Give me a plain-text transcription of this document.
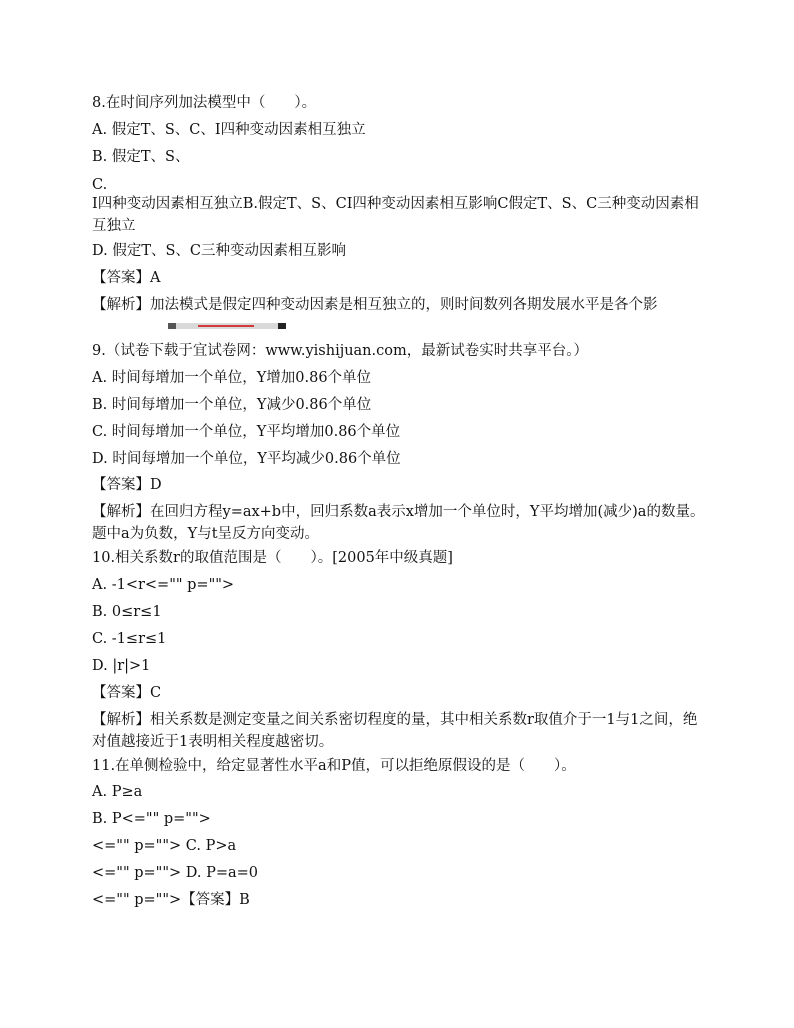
8.在时间序列加法模型中（　　）。
A. 假定T、S、C、I四种变动因素相互独立
B. 假定T、S、
C.
I四种变动因素相互独立B.假定T、S、CI四种变动因素相互影响C假定T、S、C三种变动因素相互独立
D. 假定T、S、C三种变动因素相互影响
【答案】A
【解析】加法模式是假定四种变动因素是相互独立的，则时间数列各期发展水平是各个影
9.（试卷下载于宜试卷网：www.yishijuan.com，最新试卷实时共享平台。）
A. 时间每增加一个单位，Y增加0.86个单位
B. 时间每增加一个单位，Y减少0.86个单位
C. 时间每增加一个单位，Y平均增加0.86个单位
D. 时间每增加一个单位，Y平均减少0.86个单位
【答案】D
【解析】在回归方程y=ax+b中，回归系数a表示x增加一个单位时，Y平均增加(减少)a的数量。题中a为负数，Y与t呈反方向变动。
10.相关系数r的取值范围是（　　）。[2005年中级真题]
A. -1<r<="" p="">
B. 0≤r≤1
C. -1≤r≤1
D. |r|>1
【答案】C
【解析】相关系数是测定变量之间关系密切程度的量，其中相关系数r取值介于一1与1之间，绝对值越接近于1表明相关程度越密切。
11.在单侧检验中，给定显著性水平a和P值，可以拒绝原假设的是（　　）。
A. P≥a
B. P<="" p="">
<="" p=""> C. P>a
<="" p=""> D. P=a=0
<="" p="">【答案】B
